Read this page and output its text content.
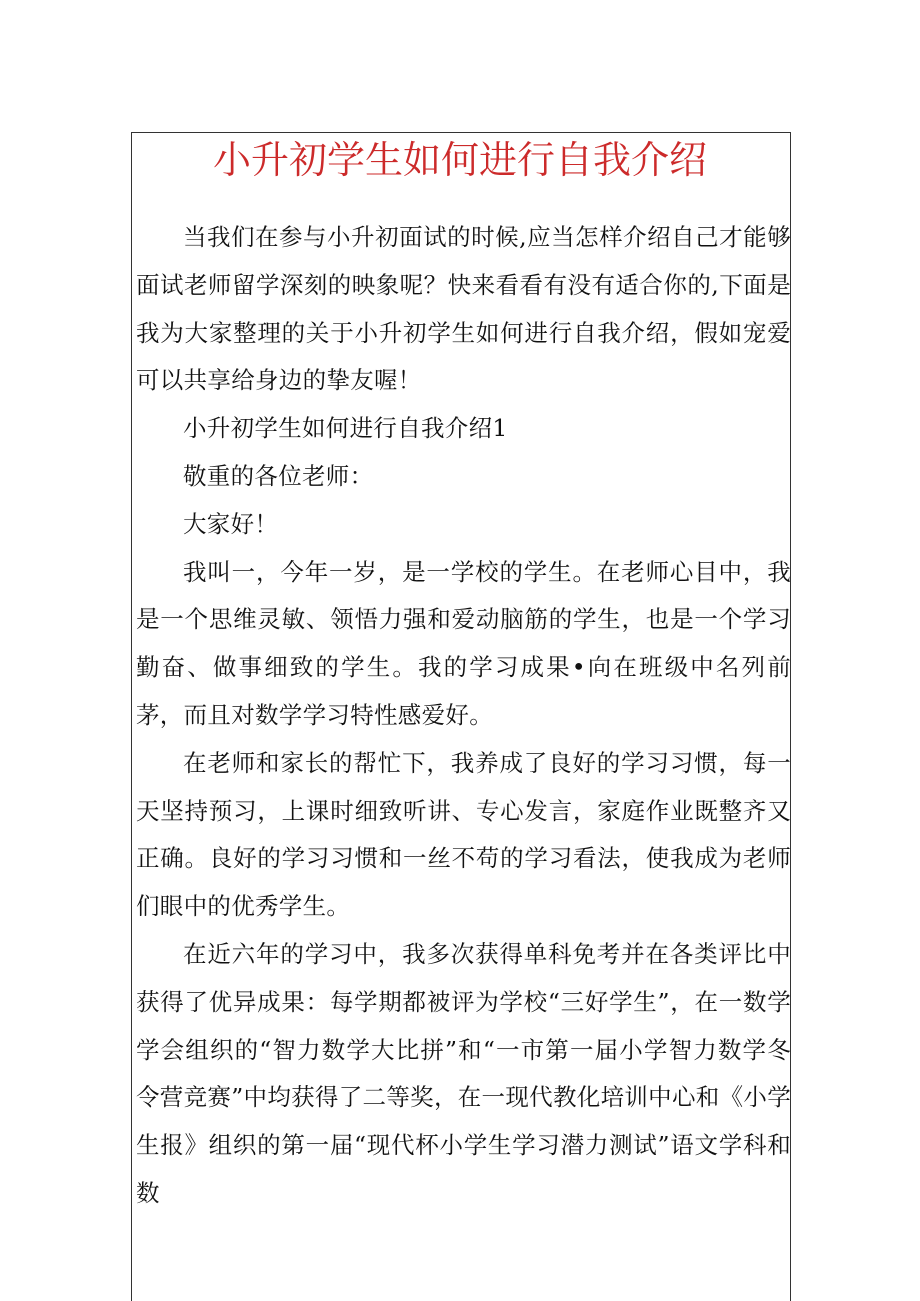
小升初学生如何进行自我介绍

当我们在参与小升初面试的时候,应当怎样介绍自己才能够面试老师留学深刻的映象呢？快来看看有没有适合你的,下面是我为大家整理的关于小升初学生如何进行自我介绍，假如宠爱可以共享给身边的挚友喔！

小升初学生如何进行自我介绍1

敬重的各位老师：

大家好！

我叫一，今年一岁，是一学校的学生。在老师心目中，我是一个思维灵敏、领悟力强和爱动脑筋的学生，也是一个学习勤奋、做事细致的学生。我的学习成果•向在班级中名列前茅，而且对数学学习特性感爱好。

在老师和家长的帮忙下，我养成了良好的学习习惯，每一天坚持预习，上课时细致听讲、专心发言，家庭作业既整齐又正确。良好的学习习惯和一丝不苟的学习看法，使我成为老师们眼中的优秀学生。

在近六年的学习中，我多次获得单科免考并在各类评比中获得了优异成果：每学期都被评为学校“三好学生”，在一数学学会组织的“智力数学大比拼”和“一市第一届小学智力数学冬令营竞赛”中均获得了二等奖，在一现代教化培训中心和《小学生报》组织的第一届“现代杯小学生学习潜力测试”语文学科和数
